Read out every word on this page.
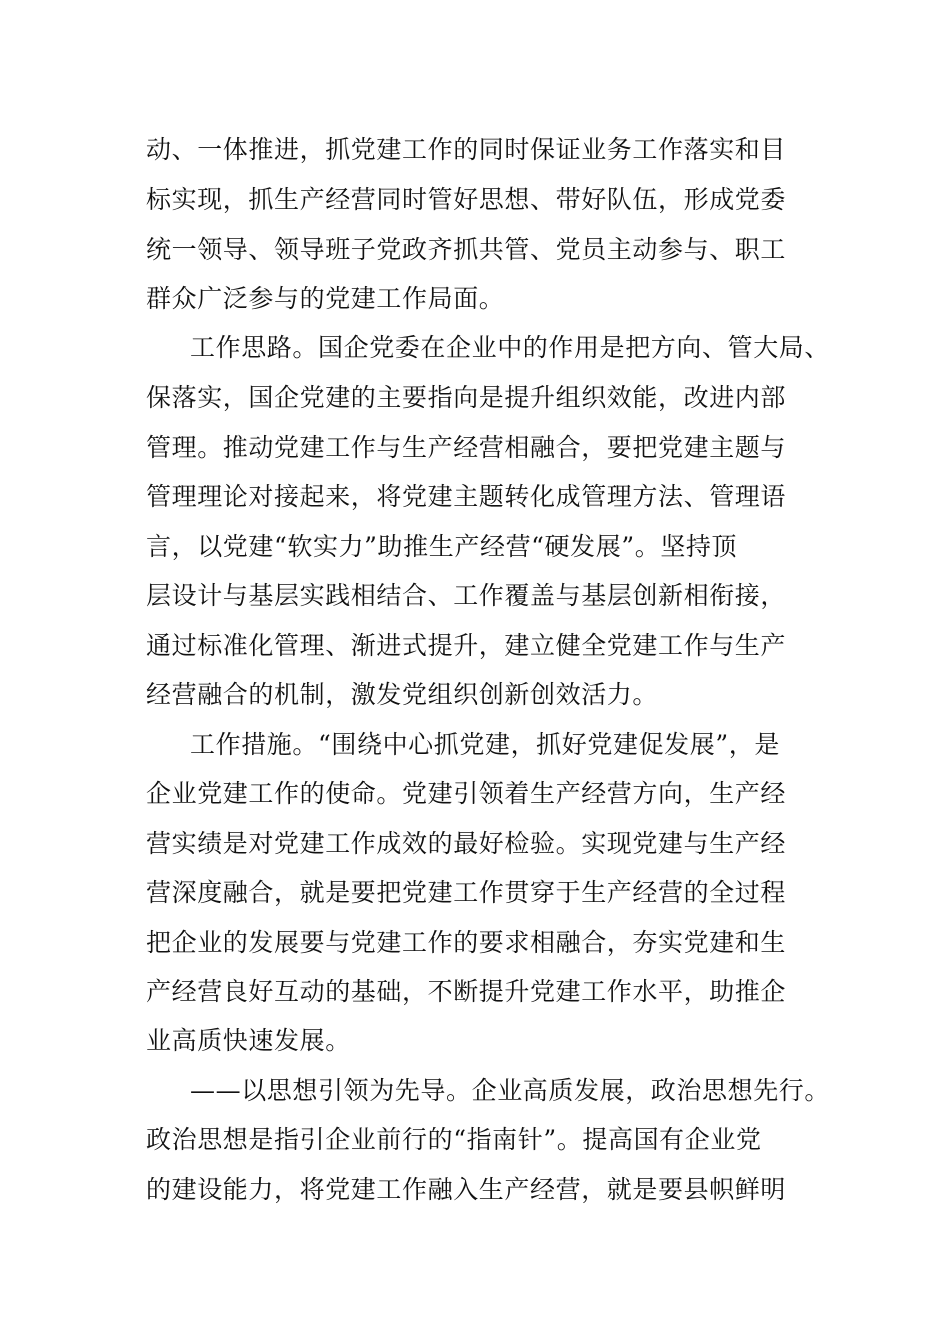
动、一体推进，抓党建工作的同时保证业务工作落实和目
标实现，抓生产经营同时管好思想、带好队伍，形成党委
统一领导、领导班子党政齐抓共管、党员主动参与、职工
群众广泛参与的党建工作局面。
工作思路。国企党委在企业中的作用是把方向、管大局、
保落实，国企党建的主要指向是提升组织效能，改进内部
管理。推动党建工作与生产经营相融合，要把党建主题与
管理理论对接起来，将党建主题转化成管理方法、管理语
言，以党建“软实力”助推生产经营“硬发展”。坚持顶
层设计与基层实践相结合、工作覆盖与基层创新相衔接，
通过标准化管理、渐进式提升，建立健全党建工作与生产
经营融合的机制，激发党组织创新创效活力。
工作措施。“围绕中心抓党建，抓好党建促发展”，是
企业党建工作的使命。党建引领着生产经营方向，生产经
营实绩是对党建工作成效的最好检验。实现党建与生产经
营深度融合，就是要把党建工作贯穿于生产经营的全过程
把企业的发展要与党建工作的要求相融合，夯实党建和生
产经营良好互动的基础，不断提升党建工作水平，助推企
业高质快速发展。
——以思想引领为先导。企业高质发展，政治思想先行。
政治思想是指引企业前行的“指南针”。提高国有企业党
的建设能力，将党建工作融入生产经营，就是要县帜鲜明
